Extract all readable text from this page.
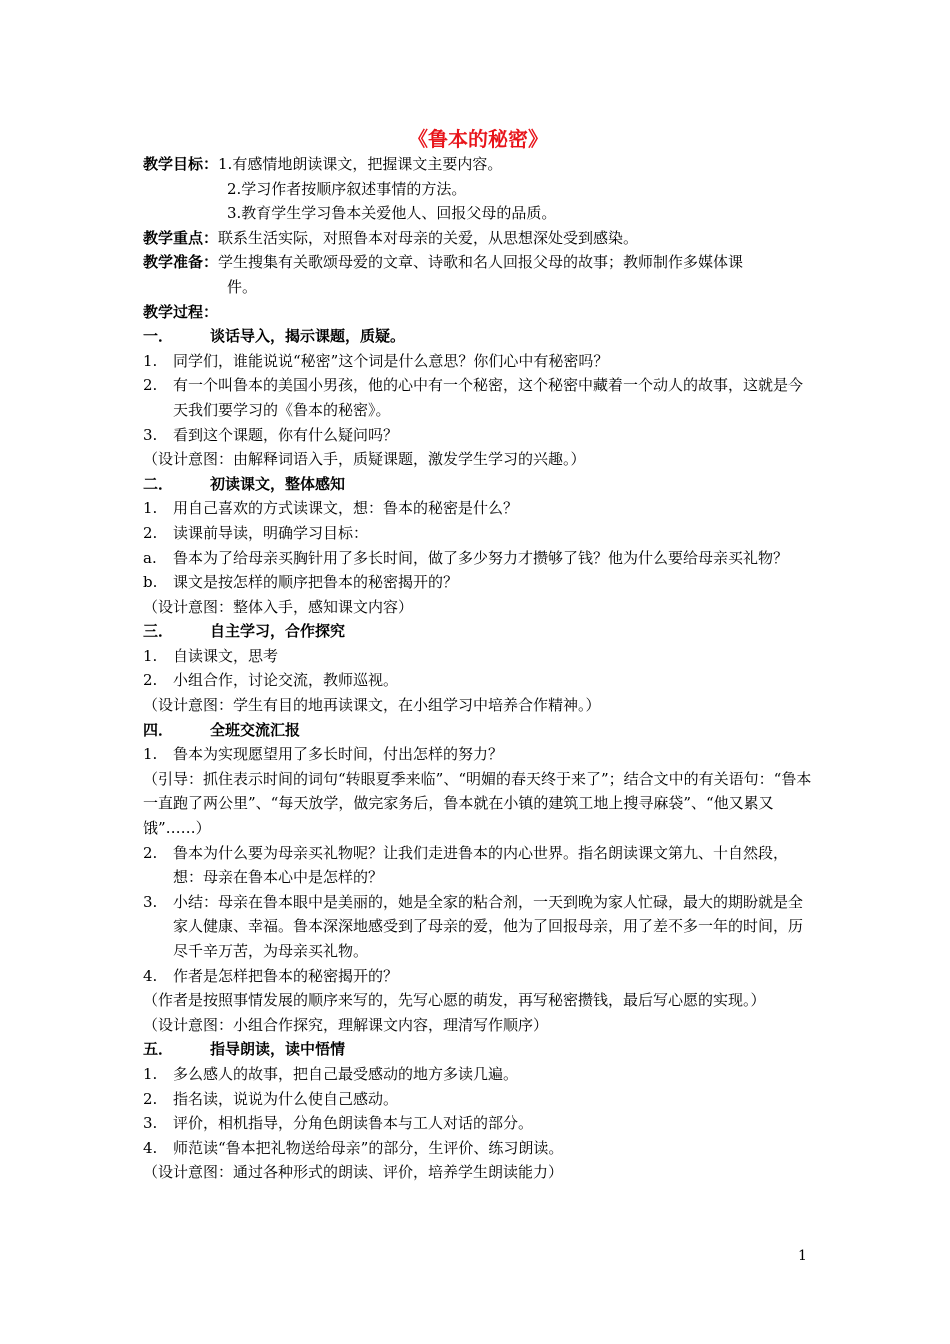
《鲁本的秘密》
教学目标：1.有感情地朗读课文，把握课文主要内容。
2.学习作者按顺序叙述事情的方法。
3.教育学生学习鲁本关爱他人、回报父母的品质。
教学重点：联系生活实际，对照鲁本对母亲的关爱，从思想深处受到感染。
教学准备：学生搜集有关歌颂母爱的文章、诗歌和名人回报父母的故事；教师制作多媒体课
件。
教学过程：
一．	谈话导入，揭示课题，质疑。
1.	同学们，谁能说说“秘密”这个词是什么意思？你们心中有秘密吗？
2.	有一个叫鲁本的美国小男孩，他的心中有一个秘密，这个秘密中藏着一个动人的故事，这就是今天我们要学习的《鲁本的秘密》。
3.	看到这个课题，你有什么疑问吗？
（设计意图：由解释词语入手，质疑课题，激发学生学习的兴趣。）
二．	初读课文，整体感知
1.	用自己喜欢的方式读课文，想：鲁本的秘密是什么？
2.	读课前导读，明确学习目标：
a.	鲁本为了给母亲买胸针用了多长时间，做了多少努力才攒够了钱？他为什么要给母亲买礼物？
b.	课文是按怎样的顺序把鲁本的秘密揭开的？
（设计意图：整体入手，感知课文内容）
三．	自主学习，合作探究
1.	自读课文，思考
2.	小组合作，讨论交流，教师巡视。
（设计意图：学生有目的地再读课文，在小组学习中培养合作精神。）
四．	全班交流汇报
1.	鲁本为实现愿望用了多长时间，付出怎样的努力？
（引导：抓住表示时间的词句“转眼夏季来临”、“明媚的春天终于来了”；结合文中的有关语句：“鲁本一直跑了两公里”、“每天放学，做完家务后，鲁本就在小镇的建筑工地上搜寻麻袋”、“他又累又饿”……）
2.	鲁本为什么要为母亲买礼物呢？让我们走进鲁本的内心世界。指名朗读课文第九、十自然段，想：母亲在鲁本心中是怎样的？
3.	小结：母亲在鲁本眼中是美丽的，她是全家的粘合剂，一天到晚为家人忙碌，最大的期盼就是全家人健康、幸福。鲁本深深地感受到了母亲的爱，他为了回报母亲，用了差不多一年的时间，历尽千辛万苦，为母亲买礼物。
4.	作者是怎样把鲁本的秘密揭开的？
（作者是按照事情发展的顺序来写的，先写心愿的萌发，再写秘密攒钱，最后写心愿的实现。）
（设计意图：小组合作探究，理解课文内容，理清写作顺序）
五．	指导朗读，读中悟情
1.	多么感人的故事，把自己最受感动的地方多读几遍。
2.	指名读，说说为什么使自己感动。
3.	评价，相机指导，分角色朗读鲁本与工人对话的部分。
4.	师范读“鲁本把礼物送给母亲”的部分，生评价、练习朗读。
（设计意图：通过各种形式的朗读、评价，培养学生朗读能力）
1
